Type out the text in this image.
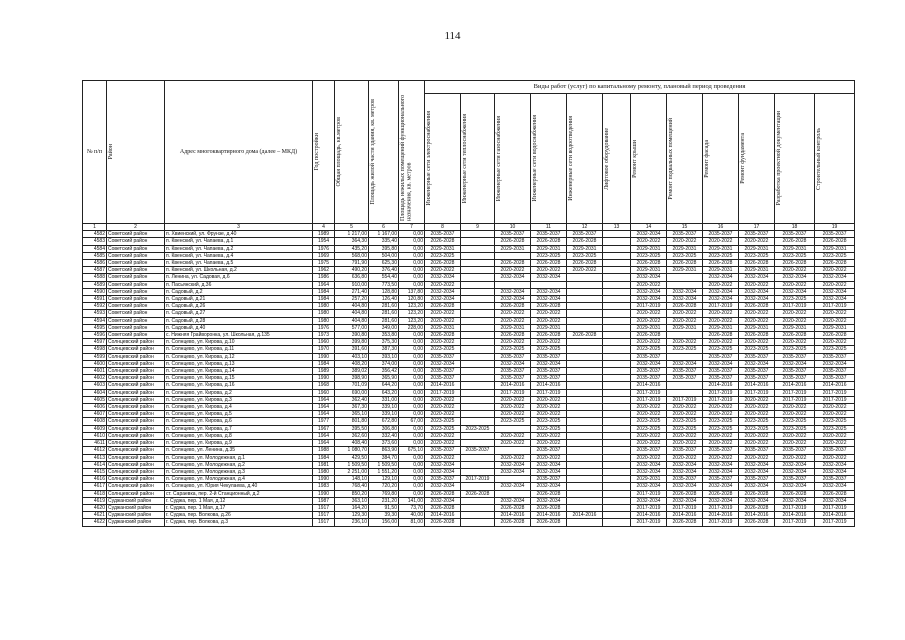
114
№ п/п	Район	Адрес многоквартирного дома (далее – МКД)	Год постройки	Общая площадь, кв.метров	Площадь жилой части здания, кв. метров	Площадь нежилых помещений функционального назначения, кв. метров	Виды работ (услуг) по капитальному ремонту, плановый период проведения											

							Инженерные сети электроснабжения	Инженерные сети теплоснабжения	Инженерные сети газоснабжения	Инженерные сети водоснабжения	Инженерные сети водоотведения	Лифтовое оборудование	Ремонт крыши	Ремонт подвальных помещений	Ремонт фасада	Ремонт фундамента	Разработка проектной документации	Строительный контроль

1	2	3	4	5	6	7	8	9	10	11	12	13	14	15	16	17	18	19
4582	Советский район	п. Хвиенский, ул. Фрунзе, д.40	1989	1 217,00	1 167,00	0,00	2035-2037		2035-2037	2035-2037	2035-2037		2032-2034	2035-2037	2035-2037	2035-2037	2035-2037	2035-2037
4583	Советский район	п. Квенский, ул. Чапаева, д.1	1954	364,30	335,40	0,00	2026-2028		2026-2028	2026-2028	2026-2028		2020-2022	2020-2022	2020-2022	2020-2022	2026-2028	2026-2028
4584	Советский район	п. Квенский, ул. Чапаева, д.2	1976	435,20	395,80	0,00	2029-2031		2029-2031	2029-2031	2029-2031		2029-2031	2029-2031	2029-2031	2029-2031	2029-2031	2029-2031
4585	Советский район	п. Квенский, ул. Чапаева, д.4	1969	568,00	504,00	0,00	2023-2025			2023-2025	2023-2025		2023-2025	2023-2025	2023-2025	2023-2025	2023-2025	2023-2025
4586	Советский район	п. Квенский, ул. Чапаева, д.5	1975	791,90	625,30	0,00	2026-2028		2026-2028	2026-2028	2026-2028		2026-2028	2026-2028	2026-2028	2026-2028	2026-2028	2026-2028
4587	Советский район	п. Квенский, ул. Школьная, д.2	1962	490,20	376,40	0,00	2020-2022		2020-2022	2020-2022	2020-2022		2029-2031	2029-2031	2029-2031	2029-2031	2020-2022	2020-2022
4588	Советский район	п. Ленина, ул. Садовая, д.6	1986	636,80	554,40	0,00	2032-2034		2032-2034	2032-2034			2032-2034		2032-2034	2032-2034	2032-2034	2032-2034
4589	Советский район	п. Пасьянский, д.36	1964	910,00	773,50	0,00	2020-2022						2020-2022		2020-2022	2020-2022	2020-2022	2020-2022
4590	Советский район	п. Садовый, д.2	1984	271,40	128,80	137,80	2032-2034		2032-2034	2032-2034			2032-2034	2032-2034	2032-2034	2032-2034	2032-2034	2032-2034
4591	Советский район	п. Садовый, д.21	1984	257,20	126,40	120,80	2032-2034		2032-2034	2032-2034			2032-2034	2032-2034	2032-2034	2032-2034	2023-2025	2032-2034
4592	Советский район	п. Садовый, д.26	1980	404,80	281,60	123,20	2026-2028		2026-2028	2026-2028			2017-2019	2026-2028	2017-2019	2026-2028	2017-2019	2017-2019
4593	Советский район	п. Садовый, д.27	1980	404,80	281,60	123,20	2020-2022		2020-2022	2020-2022			2020-2022	2020-2022	2020-2022	2020-2022	2020-2022	2020-2022
4594	Советский район	п. Садовый, д.28	1980	404,80	281,60	123,20	2020-2022		2020-2022	2020-2022			2020-2022	2020-2022	2020-2022	2020-2022	2020-2022	2020-2022
4595	Советский район	п. Садовый, д.40	1976	577,00	349,00	228,00	2029-2031		2029-2031	2029-2031			2029-2031	2029-2031	2029-2031	2029-2031	2029-2031	2029-2031
4596	Советский район	с. Нижняя Грайворонка, ул. Школьная, д.135	1973	390,80	353,80	0,00	2026-2028		2026-2028	2026-2028	2026-2028		2026-2028		2026-2028	2026-2028	2026-2028	2026-2028
4597	Солнцевский район	п. Солнцево, ул. Кирова, д.10	1960	399,80	375,30	0,00	2020-2022		2020-2022	2020-2022			2020-2022	2020-2022	2020-2022	2020-2022	2020-2022	2020-2022
4598	Солнцевский район	п. Солнцево, ул. Кирова, д.11	1970	391,60	387,30	0,00	2023-2025		2023-2025	2023-2025			2023-2025	2023-2025	2023-2025	2023-2025	2023-2025	2023-2025
4599	Солнцевский район	п. Солнцево, ул. Кирова, д.12	1990	403,10	393,10	0,00	2035-2037		2035-2037	2035-2037			2035-2037		2035-2037	2035-2037	2035-2037	2035-2037
4600	Солнцевский район	п. Солнцево, ул. Кирова, д.13	1984	408,20	374,00	0,00	2032-2034		2032-2034	2032-2034			2032-2034	2032-2034	2032-2034	2032-2034	2032-2034	2032-2034
4601	Солнцевский район	п. Солнцево, ул. Кирова, д.14	1989	389,02	356,42	0,00	2035-2037		2035-2037	2035-2037			2035-2037	2035-2037	2035-2037	2035-2037	2035-2037	2035-2037
4602	Солнцевский район	п. Солнцево, ул. Кирова, д.15	1990	398,90	365,90	0,00	2035-2037		2035-2037	2035-2037			2035-2037	2035-2037	2035-2037	2035-2037	2035-2037	2035-2037
4603	Солнцевский район	п. Солнцево, ул. Кирова, д.16	1968	701,09	644,20	0,00	2014-2016		2014-2016	2014-2016			2014-2016		2014-2016	2014-2016	2014-2016	2014-2016
4604	Солнцевский район	п. Солнцево, ул. Кирова, д.2	1960	690,00	643,20	0,00	2017-2019		2017-2019	2017-2019			2017-2019		2017-2019	2017-2019	2017-2019	2017-2019
4605	Солнцевский район	п. Солнцево, ул. Кирова, д.3	1964	362,40	331,00	0,00	2020-2022		2020-2022	2020-2022			2017-2019	2017-2019	2017-2019	2020-2022	2017-2019	2017-2019
4606	Солнцевский район	п. Солнцево, ул. Кирова, д.4	1964	367,30	339,10	0,00	2020-2022		2020-2022	2020-2022			2020-2022	2020-2022	2020-2022	2020-2022	2020-2022	2020-2022
4607	Солнцевский район	п. Солнцево, ул. Кирова, д.5	1964	365,10	339,10	0,00	2020-2022		2020-2022	2020-2022			2020-2022	2020-2022	2020-2022	2020-2022	2020-2022	2020-2022
4608	Солнцевский район	п. Солнцево, ул. Кирова, д.6	1977	801,80	672,80	67,00	2023-2025		2023-2025	2023-2025			2023-2025	2023-2025	2023-2025	2023-2025	2023-2025	2023-2025
4609	Солнцевский район	п. Солнцево, ул. Кирова, д.7	1967	395,50	306,80	0,00	2023-2025	2023-2025		2023-2025			2023-2025	2023-2025	2023-2025	2023-2025	2023-2025	2023-2025
4610	Солнцевский район	п. Солнцево, ул. Кирова, д.8	1964	362,60	332,40	0,00	2020-2022		2020-2022	2020-2022			2020-2022	2020-2022	2020-2022	2020-2022	2020-2022	2020-2022
4611	Солнцевский район	п. Солнцево, ул. Кирова, д.9	1964	408,40	373,60	0,00	2020-2022		2020-2022	2020-2022			2020-2022	2020-2022	2020-2022	2020-2022	2020-2022	2020-2022
4612	Солнцевский район	п. Солнцево, ул. Ленина, д.35	1988	1 080,70	863,90	675,10	2035-2037	2035-2037		2035-2037			2035-2037	2035-2037	2035-2037	2035-2037	2035-2037	2035-2037
4613	Солнцевский район	п. Солнцево, ул. Молодежная, д.1	1984	429,50	384,70	0,00	2020-2022		2020-2022	2020-2022			2020-2022	2020-2022	2020-2022	2020-2022	2020-2022	2020-2022
4614	Солнцевский район	п. Солнцево, ул. Молодежная, д.2	1981	1 509,50	1 509,50	0,00	2032-2034		2032-2034	2032-2034			2032-2034	2032-2034	2032-2034	2032-2034	2032-2034	2032-2034
4615	Солнцевский район	п. Солнцево, ул. Молодежная, д.3	1980	2 251,00	1 551,20	0,00	2032-2034		2032-2034	2032-2034			2032-2034	2032-2034	2032-2034	2032-2034	2032-2034	2032-2034
4616	Солнцевский район	п. Солнцево, ул. Молодежная, д.4	1990	148,10	129,10	0,00	2035-2037	2017-2019		2035-2037			2029-2031	2035-2037	2035-2037	2035-2037	2035-2037	2035-2037
4617	Солнцевский район	п. Солнцево, ул. Юрия Чекулаева, д.40	1983	768,40	720,20	0,00	2032-2034		2032-2034	2032-2034			2032-2034	2032-2034	2032-2034	2032-2034	2032-2034	2032-2034
4618	Солнцевский район	ст. Сараевка, пер. 2-й Станционный, д.2	1990	850,20	769,80	0,00	2026-2028	2026-2028		2026-2028			2017-2019	2026-2028	2026-2028	2026-2028	2026-2028	2026-2028
4619	Суджанский район	г. Суджа, пер. 1 Мая, д.12	1987	363,10	231,20	141,00	2032-2034		2032-2034	2032-2034			2032-2034	2032-2034	2032-2034	2032-2034	2032-2034	2032-2034
4620	Суджанский район	г. Суджа, пер. 1 Мая, д.17	1917	164,20	91,50	73,70	2026-2028		2026-2028	2026-2028			2017-2019	2017-2019	2017-2019	2026-2028	2017-2019	2017-2019
4621	Суджанский район	г. Суджа, пер. Волкова, д.26	1917	129,30	39,30	40,00	2014-2016		2014-2016	2014-2016	2014-2016		2014-2016	2014-2016	2014-2016	2014-2016	2014-2016	2014-2016
4622	Суджанский район	г. Суджа, пер. Волкова, д.3	1917	236,10	156,00	81,00	2026-2028		2026-2028	2026-2028			2017-2019	2026-2028	2017-2019	2026-2028	2017-2019	2017-2019
